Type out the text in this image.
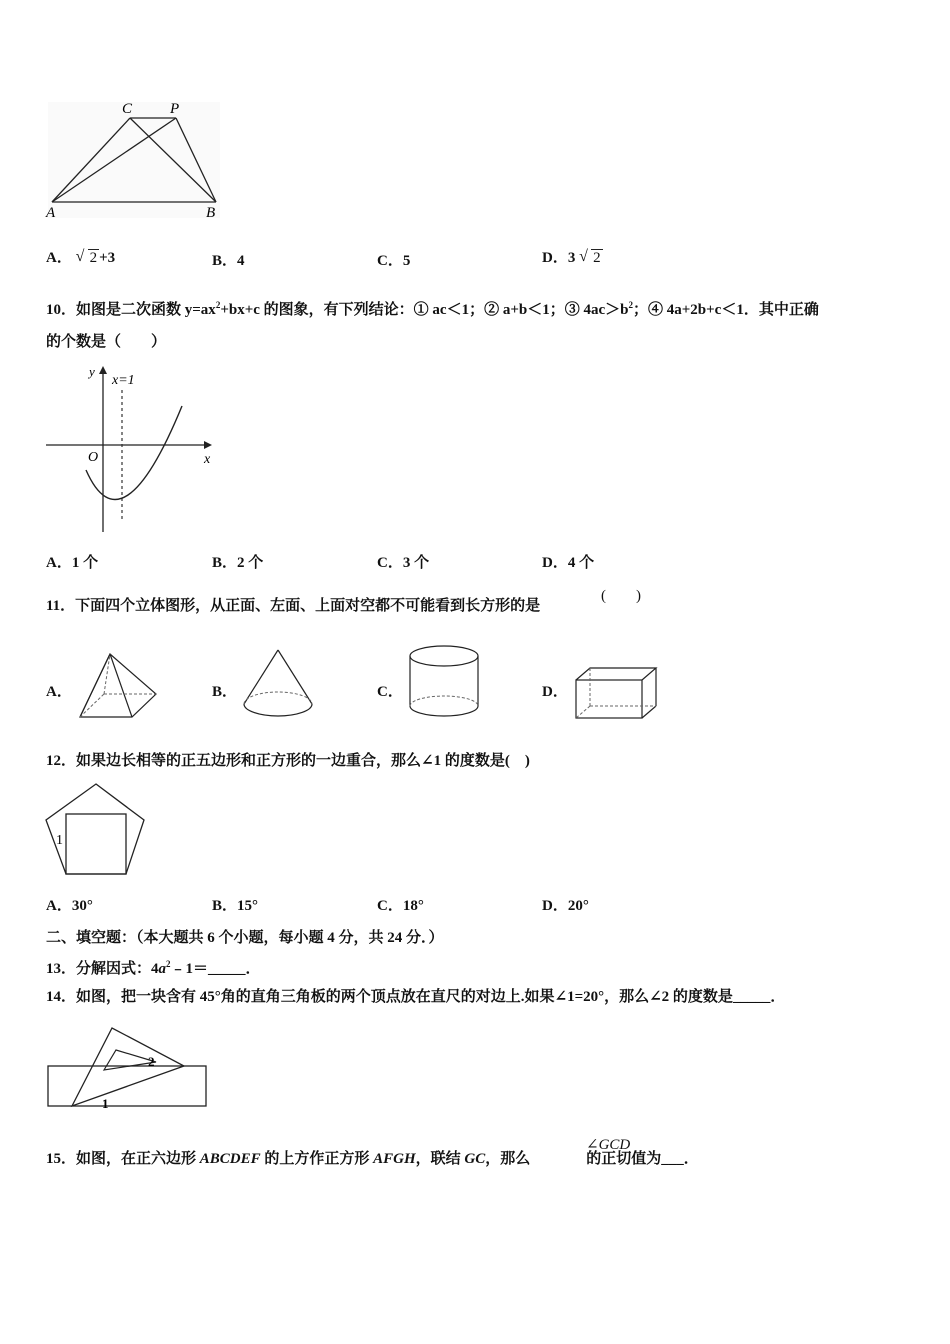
C	P
A	B
A． √ 2 +3	B．4	C．5	D．3 √ 2
10．如图是二次函数 $y=ax^2+bx+c$ 的图象，有下列结论：① ac＜1；② a+b＜1；③ $4ac>b^2$；④ 4a+2b+c＜1．其中正确
的个数是（　　）
y
x=1
x
O
A．1 个	B．2 个	C．3 个	D．4 个
11．下面四个立体图形，从正面、左面、上面对空都不可能看到长方形的是
(　　)
A．	B．	C．	D．
12．如果边长相等的正五边形和正方形的一边重合，那么∠1 的度数是(　)
1
A．30°	B．15°	C．18°	D．20°
二、填空题：（本大题共 6 个小题，每小题 4 分，共 24 分．）
13．分解因式：$4a^2﹣1=\_\_\_\_\_$．
14．如图，把一块含有 45°角的直角三角板的两个顶点放在直尺的对边上.如果∠1=20°，那么∠2 的度数是_____．
2
1
15．如图，在正六边形 ABCDEF 的上方作正方形 AFGH，联结 GC，那么	的正切值为___．
∠GCD
